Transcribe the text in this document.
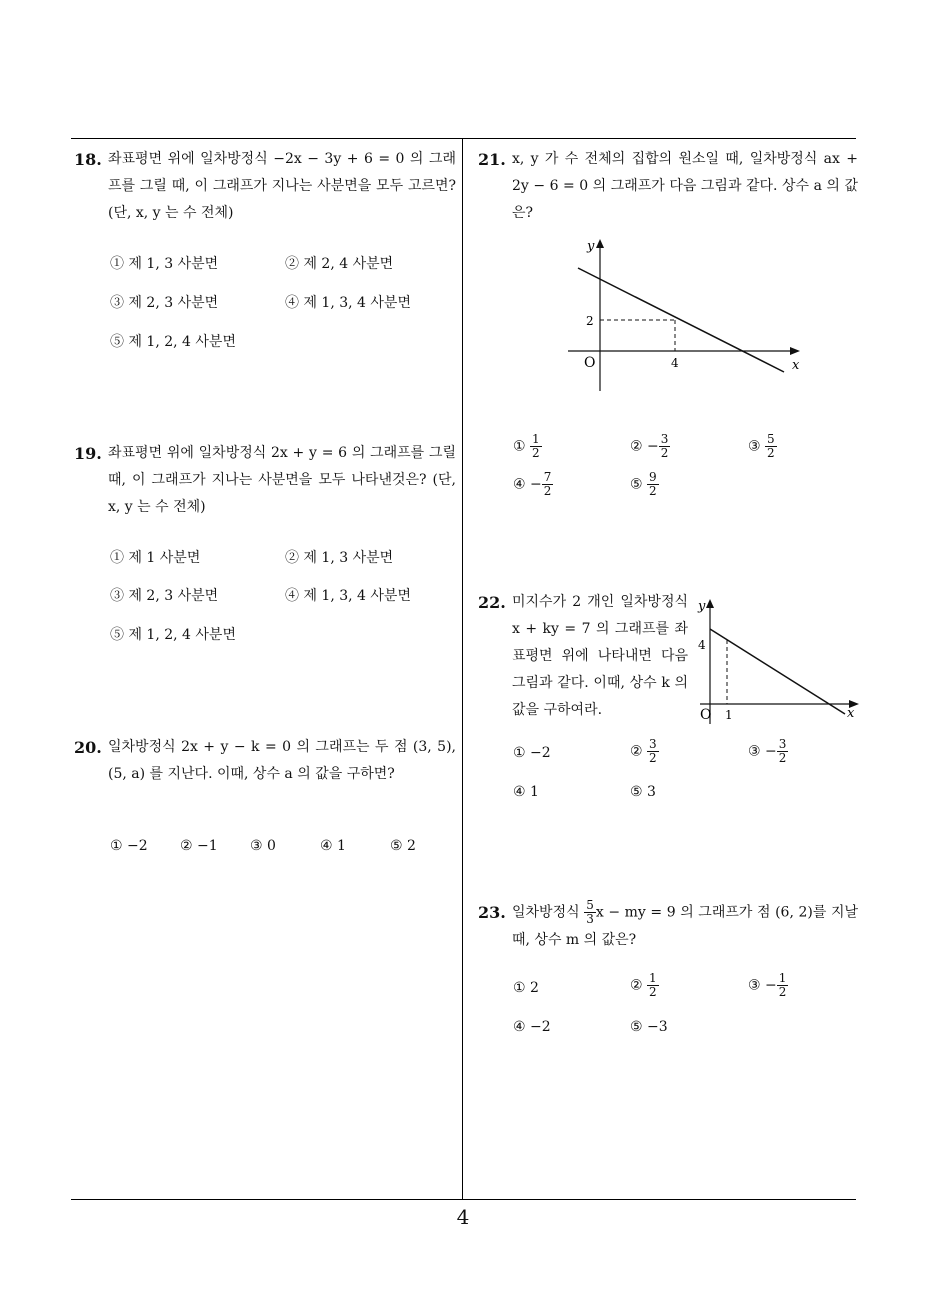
18. 좌표평면 위에 일차방정식 −2x − 3y + 6 = 0 의 그래프를 그릴 때, 이 그래프가 지나는 사분면을 모두 고르면? (단, x, y 는 수 전체)
① 제 1, 3 사분면	② 제 2, 4 사분면
③ 제 2, 3 사분면	④ 제 1, 3, 4 사분면
⑤ 제 1, 2, 4 사분면
19. 좌표평면 위에 일차방정식 2x + y = 6 의 그래프를 그릴 때, 이 그래프가 지나는 사분면을 모두 나타낸것은? (단, x, y 는 수 전체)
① 제 1 사분면	② 제 1, 3 사분면
③ 제 2, 3 사분면	④ 제 1, 3, 4 사분면
⑤ 제 1, 2, 4 사분면
20. 일차방정식 2x + y − k = 0 의 그래프는 두 점 (3, 5), (5, a) 를 지난다. 이때, 상수 a 의 값을 구하면?
① −2 ② −1 ③ 0	④ 1	⑤ 2
21. x, y 가 수 전체의 집합의 원소일 때, 일차방정식 ax + 2y − 6 = 0 의 그래프가 다음 그림과 같다. 상수 a 의 값은?
y
x
O
2
4
① $\frac{1}{2}$	② − $\frac{3}{2}$	③ $\frac{5}{2}$
④ − $\frac{7}{2}$	⑤ $\frac{9}{2}$
22. 미지수가 2 개인 일차방정식 x + ky = 7 의 그래프를 좌표평면 위에 나타내면 다음 그림과 같다. 이때, 상수 k 의 값을 구하여라.
y
x
O
4
1
① −2	② $\frac{3}{2}$	③ − $\frac{3}{2}$
④ 1	⑤ 3
23. 일차방정식 $\frac{5}{3}$ x − my = 9 의 그래프가 점 (6, 2)를 지날 때, 상수 m 의 값은?
① 2	② $\frac{1}{2}$	③ − $\frac{1}{2}$
④ −2	⑤ −3
4
